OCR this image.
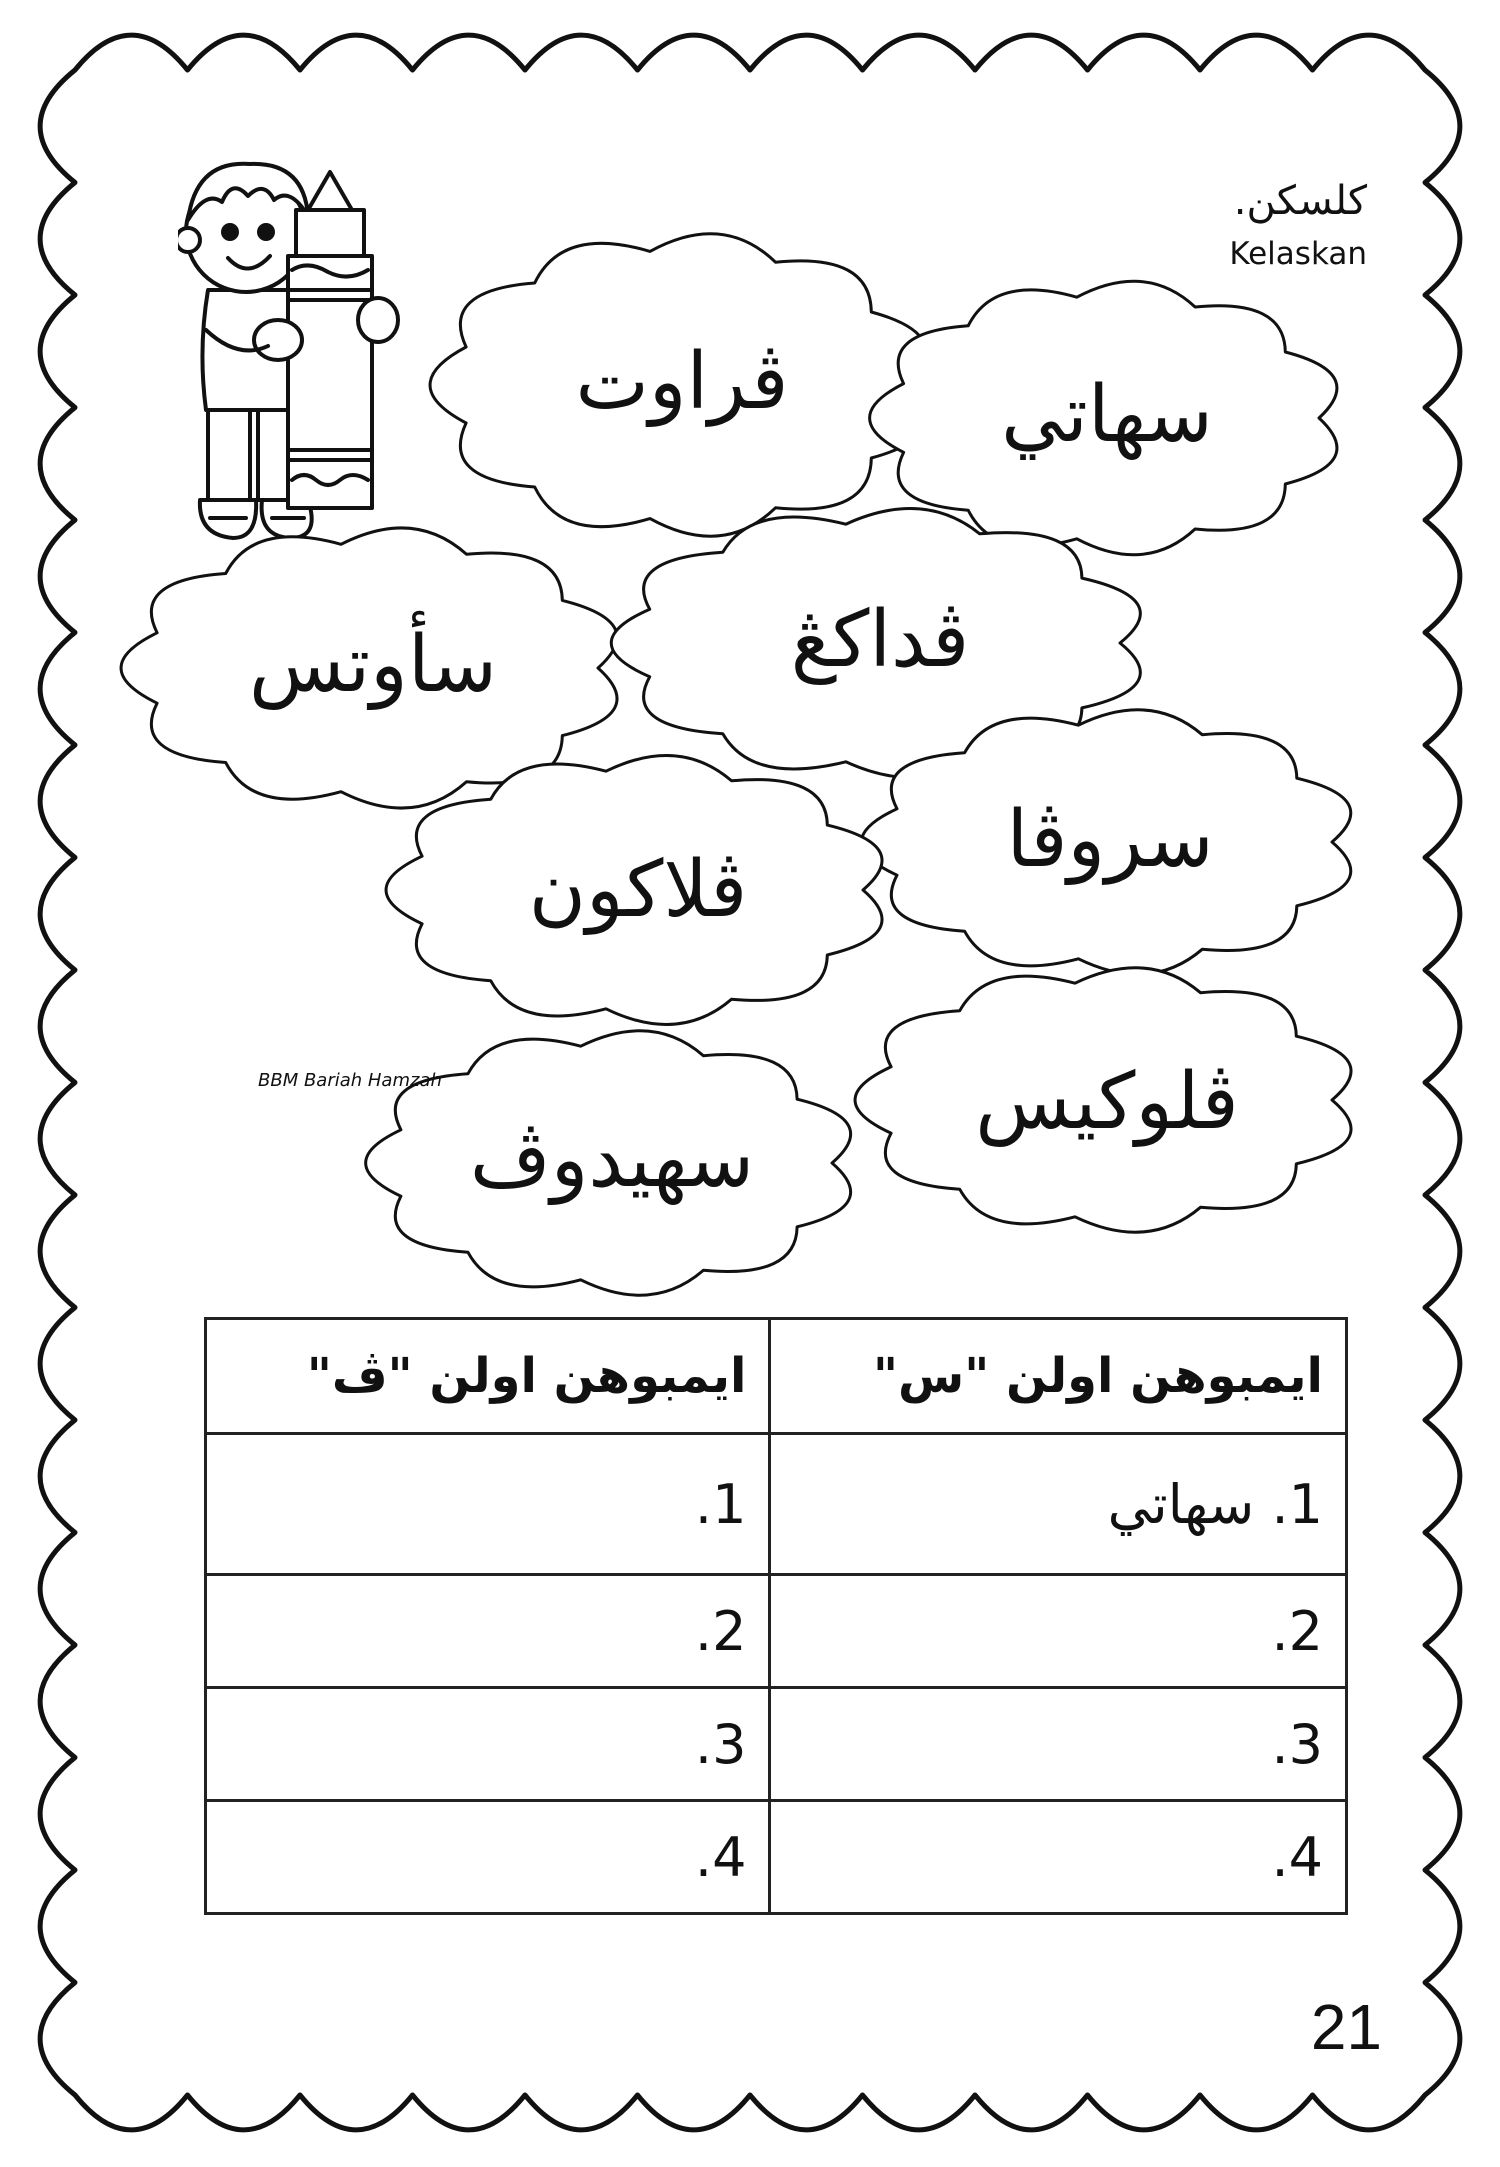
كلسكن.
Kelaskan
ڤراوت	سهاتي
سأوتس	ڤداكڠ
سروڤا
ڤلاكون
ڤلوكيس
سهيدوڤ
BBM Bariah Hamzah
ايمبوهن اولن "س"	ايمبوهن اولن "ڤ"
1. سهاتي	1.
2.	2.
3.	3.
4.	4.
21
